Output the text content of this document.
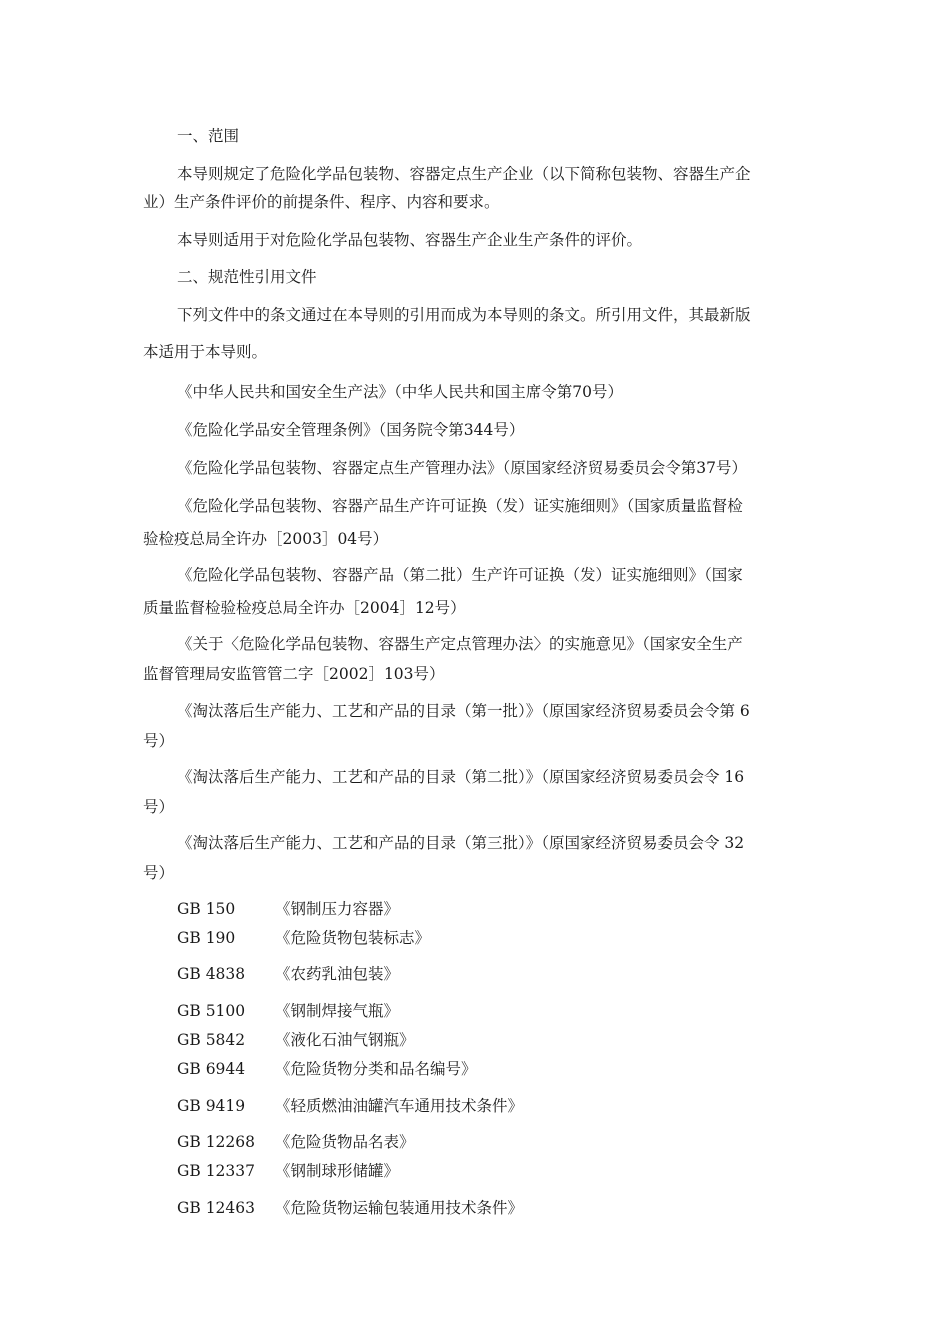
一、范围
本导则规定了危险化学品包装物、容器定点生产企业（以下简称包装物、容器生产企
业）生产条件评价的前提条件、程序、内容和要求。
本导则适用于对危险化学品包装物、容器生产企业生产条件的评价。
二、规范性引用文件
下列文件中的条文通过在本导则的引用而成为本导则的条文。所引用文件，其最新版
本适用于本导则。
《中华人民共和国安全生产法》（中华人民共和国主席令第70号）
《危险化学品安全管理条例》（国务院令第344号）
《危险化学品包装物、容器定点生产管理办法》（原国家经济贸易委员会令第37号）
《危险化学品包装物、容器产品生产许可证换（发）证实施细则》（国家质量监督检
验检疫总局全许办［2003］04号）
《危险化学品包装物、容器产品（第二批）生产许可证换（发）证实施细则》（国家
质量监督检验检疫总局全许办［2004］12号）
《关于〈危险化学品包装物、容器生产定点管理办法〉的实施意见》（国家安全生产
监督管理局安监管管二字［2002］103号）
《淘汰落后生产能力、工艺和产品的目录（第一批）》（原国家经济贸易委员会令第 6
号）
《淘汰落后生产能力、工艺和产品的目录（第二批）》（原国家经济贸易委员会令 16
号）
《淘汰落后生产能力、工艺和产品的目录（第三批）》（原国家经济贸易委员会令 32
号）
GB 150	《钢制压力容器》
GB 190	《危险货物包装标志》
GB 4838 《农药乳油包装》
GB 5100 《钢制焊接气瓶》
GB 5842 《液化石油气钢瓶》
GB 6944 《危险货物分类和品名编号》
GB 9419 《轻质燃油油罐汽车通用技术条件》
GB 12268 《危险货物品名表》
GB 12337 《钢制球形储罐》
GB 12463 《危险货物运输包装通用技术条件》
